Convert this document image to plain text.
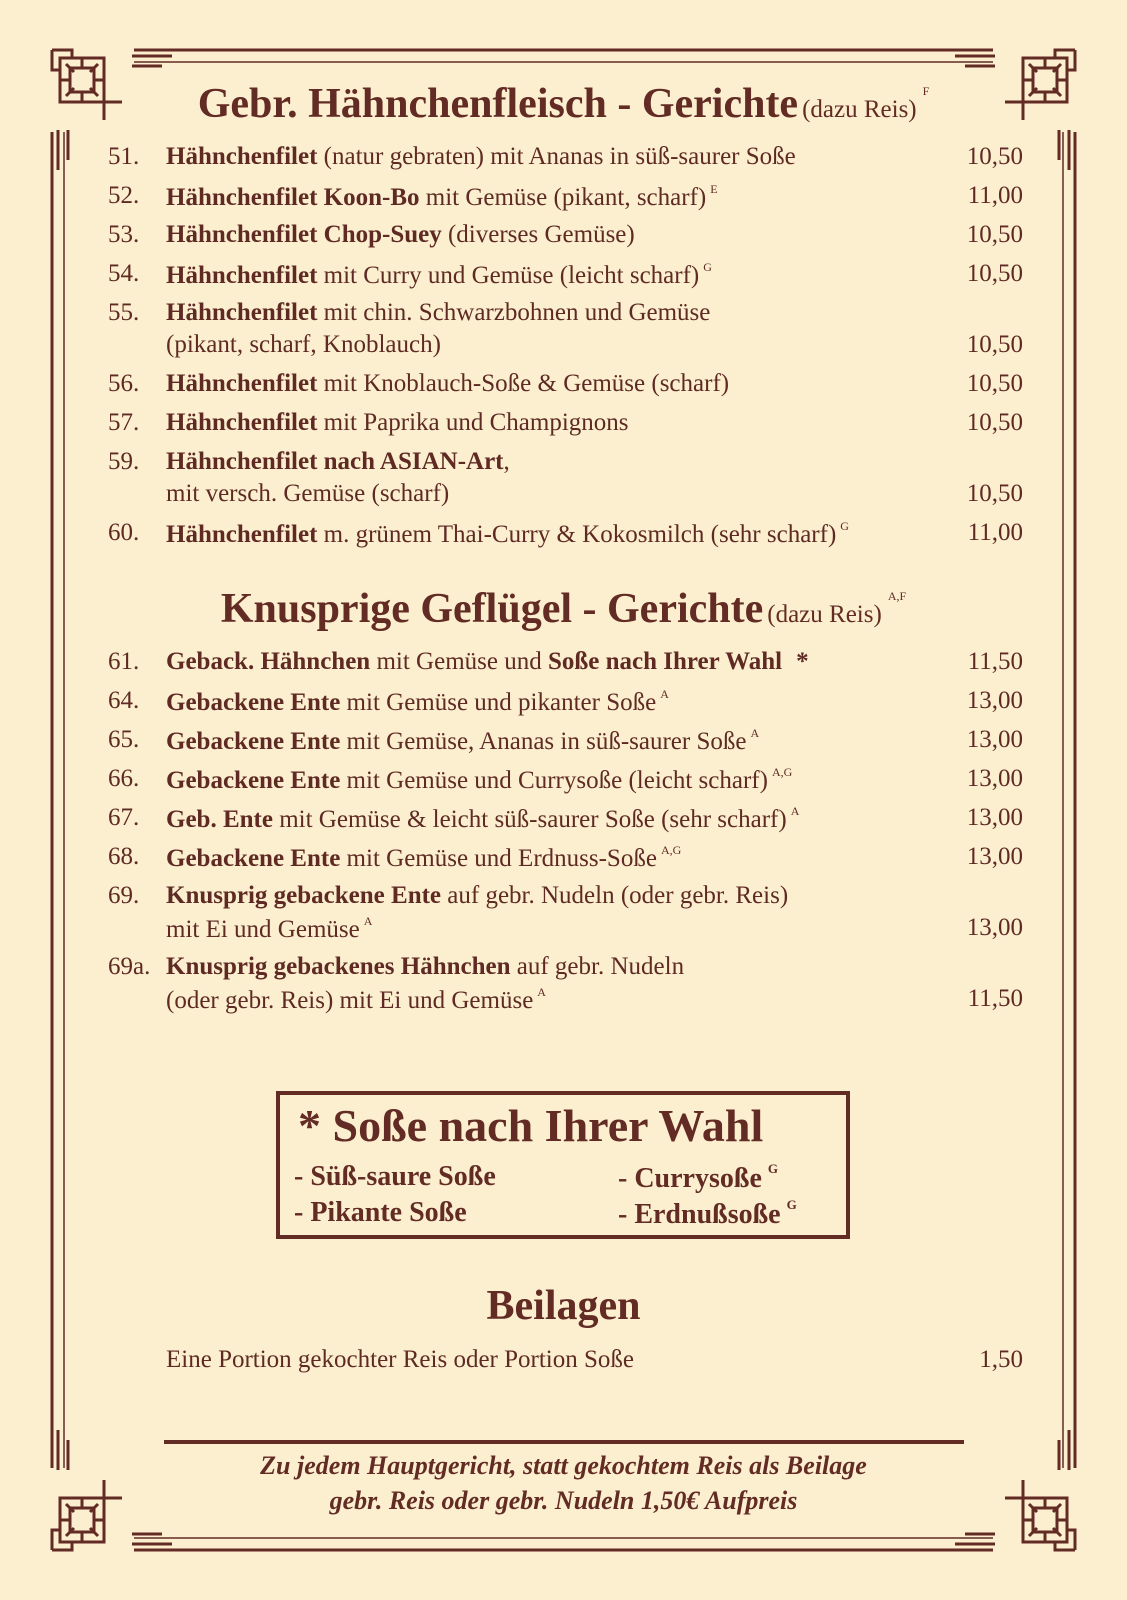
Gebr. Hähnchenfleisch - Gerichte (dazu Reis)$^F$
51. Hähnchenfilet (natur gebraten) mit Ananas in süß-saurer Soße	10,50
52. Hähnchenfilet Koon-Bo mit Gemüse (pikant, scharf) $^E$	11,00
53. Hähnchenfilet Chop-Suey (diverses Gemüse)	10,50
54. Hähnchenfilet mit Curry und Gemüse (leicht scharf) $^G$	10,50
55. Hähnchenfilet mit chin. Schwarzbohnen und Gemüse
(pikant, scharf, Knoblauch)	10,50
56. Hähnchenfilet mit Knoblauch-Soße & Gemüse (scharf)	10,50
57. Hähnchenfilet mit Paprika und Champignons	10,50
59. Hähnchenfilet nach ASIAN-Art,
mit versch. Gemüse (scharf)	10,50
60. Hähnchenfilet m. grünem Thai-Curry & Kokosmilch (sehr scharf) $^G$	11,00
Knusprige Geflügel - Gerichte (dazu Reis)$^{A,F}$
61. Geback. Hähnchen mit Gemüse und Soße nach Ihrer Wahl *	11,50
64. Gebackene Ente mit Gemüse und pikanter Soße $^A$	13,00
65. Gebackene Ente mit Gemüse, Ananas in süß-saurer Soße $^A$	13,00
66. Gebackene Ente mit Gemüse und Currysoße (leicht scharf) $^{A,G}$	13,00
67. Geb. Ente mit Gemüse & leicht süß-saurer Soße (sehr scharf) $^A$	13,00
68. Gebackene Ente mit Gemüse und Erdnuss-Soße $^{A,G}$	13,00
69. Knusprig gebackene Ente auf gebr. Nudeln (oder gebr. Reis)
mit Ei und Gemüse $^A$	13,00
69a. Knusprig gebackenes Hähnchen auf gebr. Nudeln
(oder gebr. Reis) mit Ei und Gemüse $^A$	11,50
* Soße nach Ihrer Wahl
- Süß-saure Soße	- Currysoße $^G$
- Pikante Soße	- Erdnußsoße $^G$
Beilagen
Eine Portion gekochter Reis oder Portion Soße	1,50
Zu jedem Hauptgericht, statt gekochtem Reis als Beilage
gebr. Reis oder gebr. Nudeln 1,50€ Aufpreis
